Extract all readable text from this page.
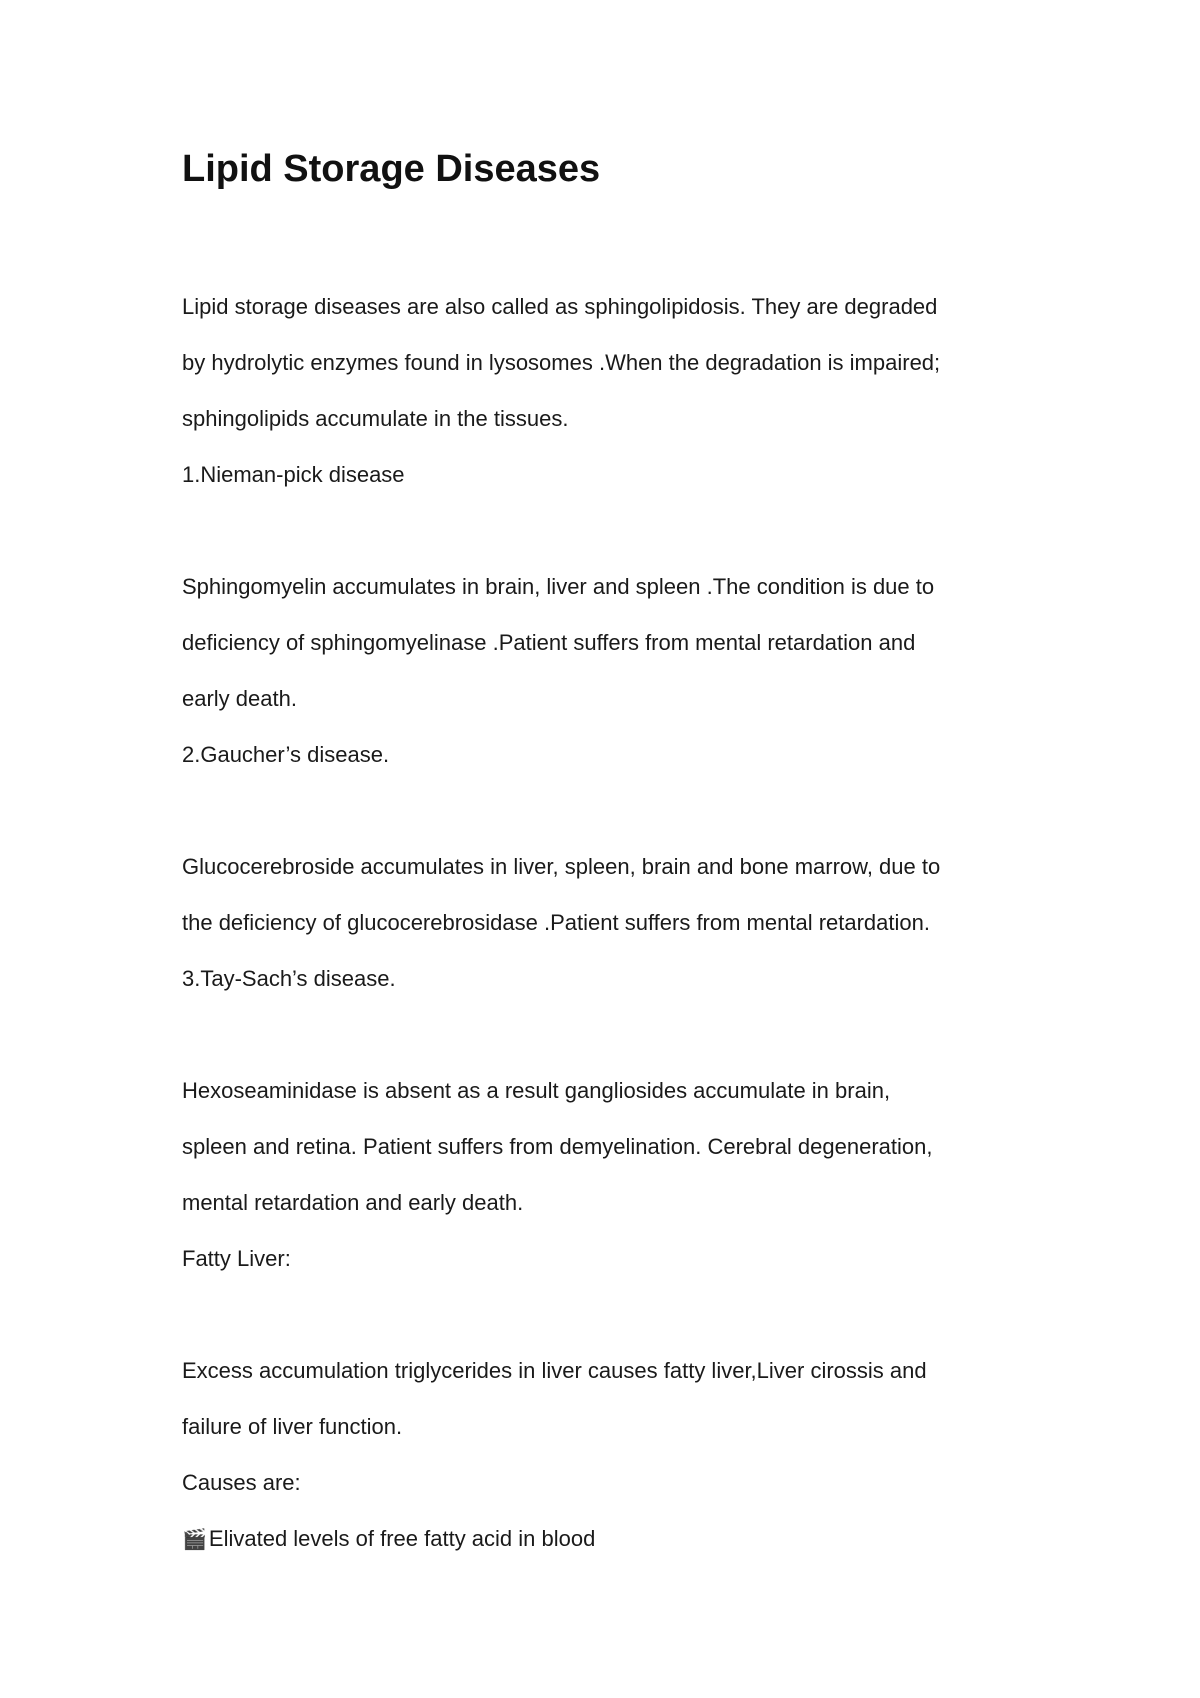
Lipid Storage Diseases
Lipid storage diseases are also called as sphingolipidosis. They are degraded
by hydrolytic enzymes found in lysosomes .When the degradation is impaired;
sphingolipids accumulate in the tissues.
1.Nieman-pick disease
Sphingomyelin accumulates in brain, liver and spleen .The condition is due to
deficiency of sphingomyelinase .Patient suffers from mental retardation and
early death.
2.Gaucher’s disease.
Glucocerebroside accumulates in liver, spleen, brain and bone marrow, due to
the deficiency of glucocerebrosidase .Patient suffers from mental retardation.
3.Tay-Sach’s disease.
Hexoseaminidase is absent as a result gangliosides accumulate in brain,
spleen and retina. Patient suffers from demyelination. Cerebral degeneration,
mental retardation and early death.
Fatty Liver:
Excess accumulation triglycerides in liver causes fatty liver,Liver cirossis and
failure of liver function.
Causes are:
🎬Elivated levels of free fatty acid in blood
